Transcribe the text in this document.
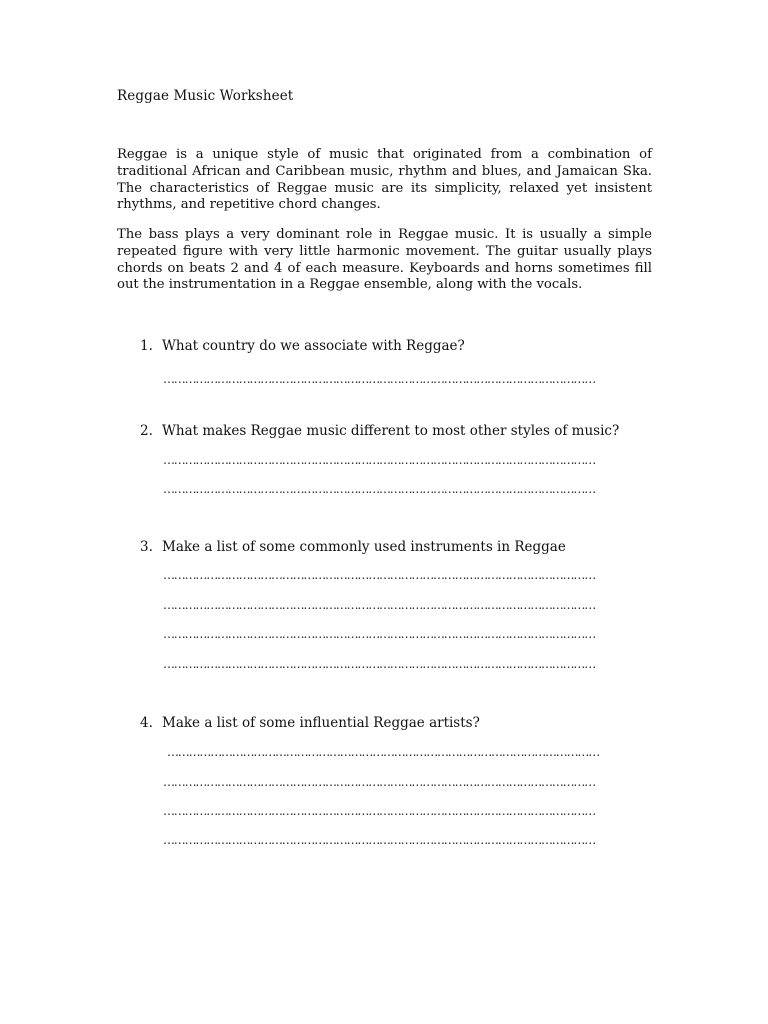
Reggae Music Worksheet

Reggae is a unique style of music that originated from a combination of traditional African and Caribbean music, rhythm and blues, and Jamaican Ska. The characteristics of Reggae music are its simplicity, relaxed yet insistent rhythms, and repetitive chord changes.

The bass plays a very dominant role in Reggae music. It is usually a simple repeated figure with very little harmonic movement. The guitar usually plays chords on beats 2 and 4 of each measure. Keyboards and horns sometimes fill out the instrumentation in a Reggae ensemble, along with the vocals.

1. What country do we associate with Reggae?
…………………………………………………………………………………………………………
2. What makes Reggae music different to most other styles of music?
…………………………………………………………………………………………………………
…………………………………………………………………………………………………………
3. Make a list of some commonly used instruments in Reggae
…………………………………………………………………………………………………………
…………………………………………………………………………………………………………
…………………………………………………………………………………………………………
…………………………………………………………………………………………………………
4. Make a list of some influential Reggae artists?
…………………………………………………………………………………………………………
…………………………………………………………………………………………………………
…………………………………………………………………………………………………………
…………………………………………………………………………………………………………
